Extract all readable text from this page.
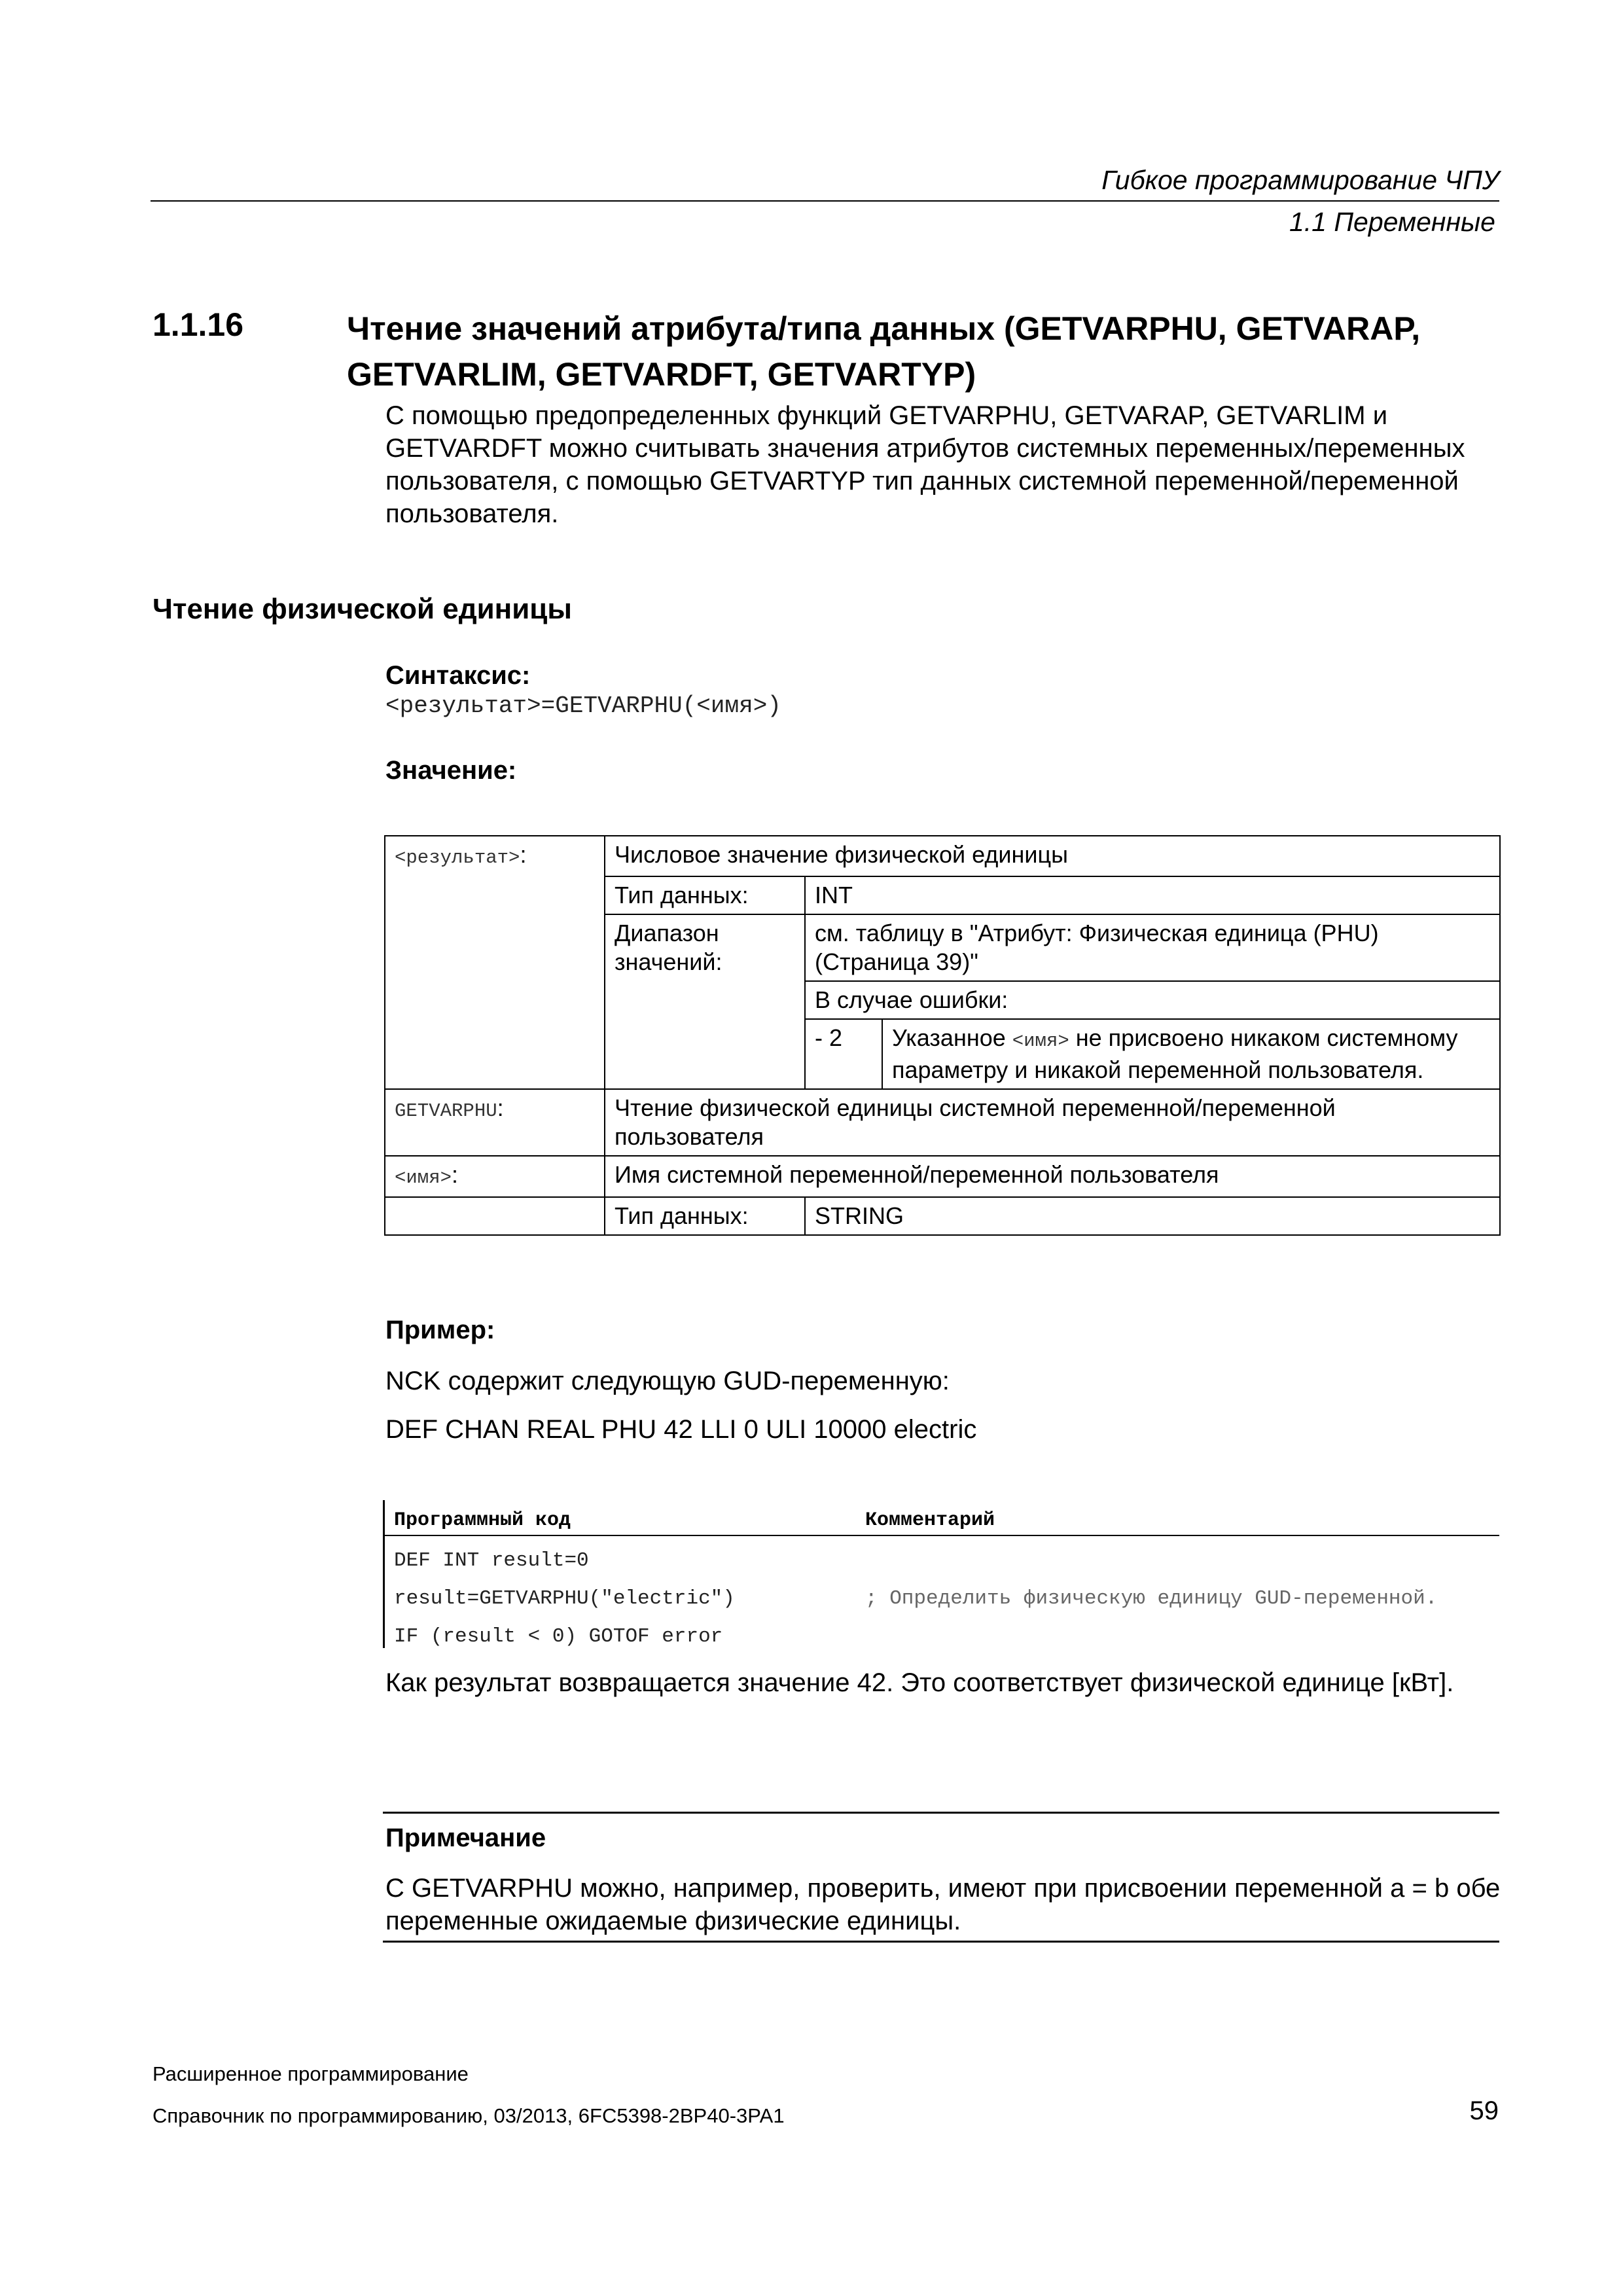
Гибкое программирование ЧПУ
1.1 Переменные
1.1.16	Чтение значений атрибута/типа данных (GETVARPHU, GETVARAP, GETVARLIM, GETVARDFT, GETVARTYP)
С помощью предопределенных функций GETVARPHU, GETVARAP, GETVARLIM и GETVARDFT можно считывать значения атрибутов системных переменных/переменных пользователя, с помощью GETVARTYP тип данных системной переменной/переменной пользователя.
Чтение физической единицы
Синтаксис:
<результат>=GETVARPHU(<имя>)
Значение:
<результат>:	Числовое значение физической единицы		
	Тип данных:	INT	
	Диапазон значений:	см. таблицу в "Атрибут: Физическая единица (PHU) (Страница 39)"	
		В случае ошибки:	
		- 2	Указанное <имя> не присвоено никаком системному параметру и никакой переменной пользователя.
GETVARPHU:	Чтение физической единицы системной переменной/переменной пользователя		
<имя>:	Имя системной переменной/переменной пользователя		
	Тип данных:	STRING	
Пример:
NCK содержит следующую GUD-переменную:
DEF CHAN REAL PHU 42 LLI 0 ULI 10000 electric
Программный код	Комментарий
DEF INT result=0
result=GETVARPHU("electric")	; Определить физическую единицу GUD-переменной.
IF (result < 0) GOTOF error
Как результат возвращается значение 42. Это соответствует физической единице [кВт].
Примечание
С GETVARPHU можно, например, проверить, имеют при присвоении переменной a = b обе переменные ожидаемые физические единицы.
Расширенное программирование
Справочник по программированию, 03/2013, 6FC5398-2BP40-3PA1	59
